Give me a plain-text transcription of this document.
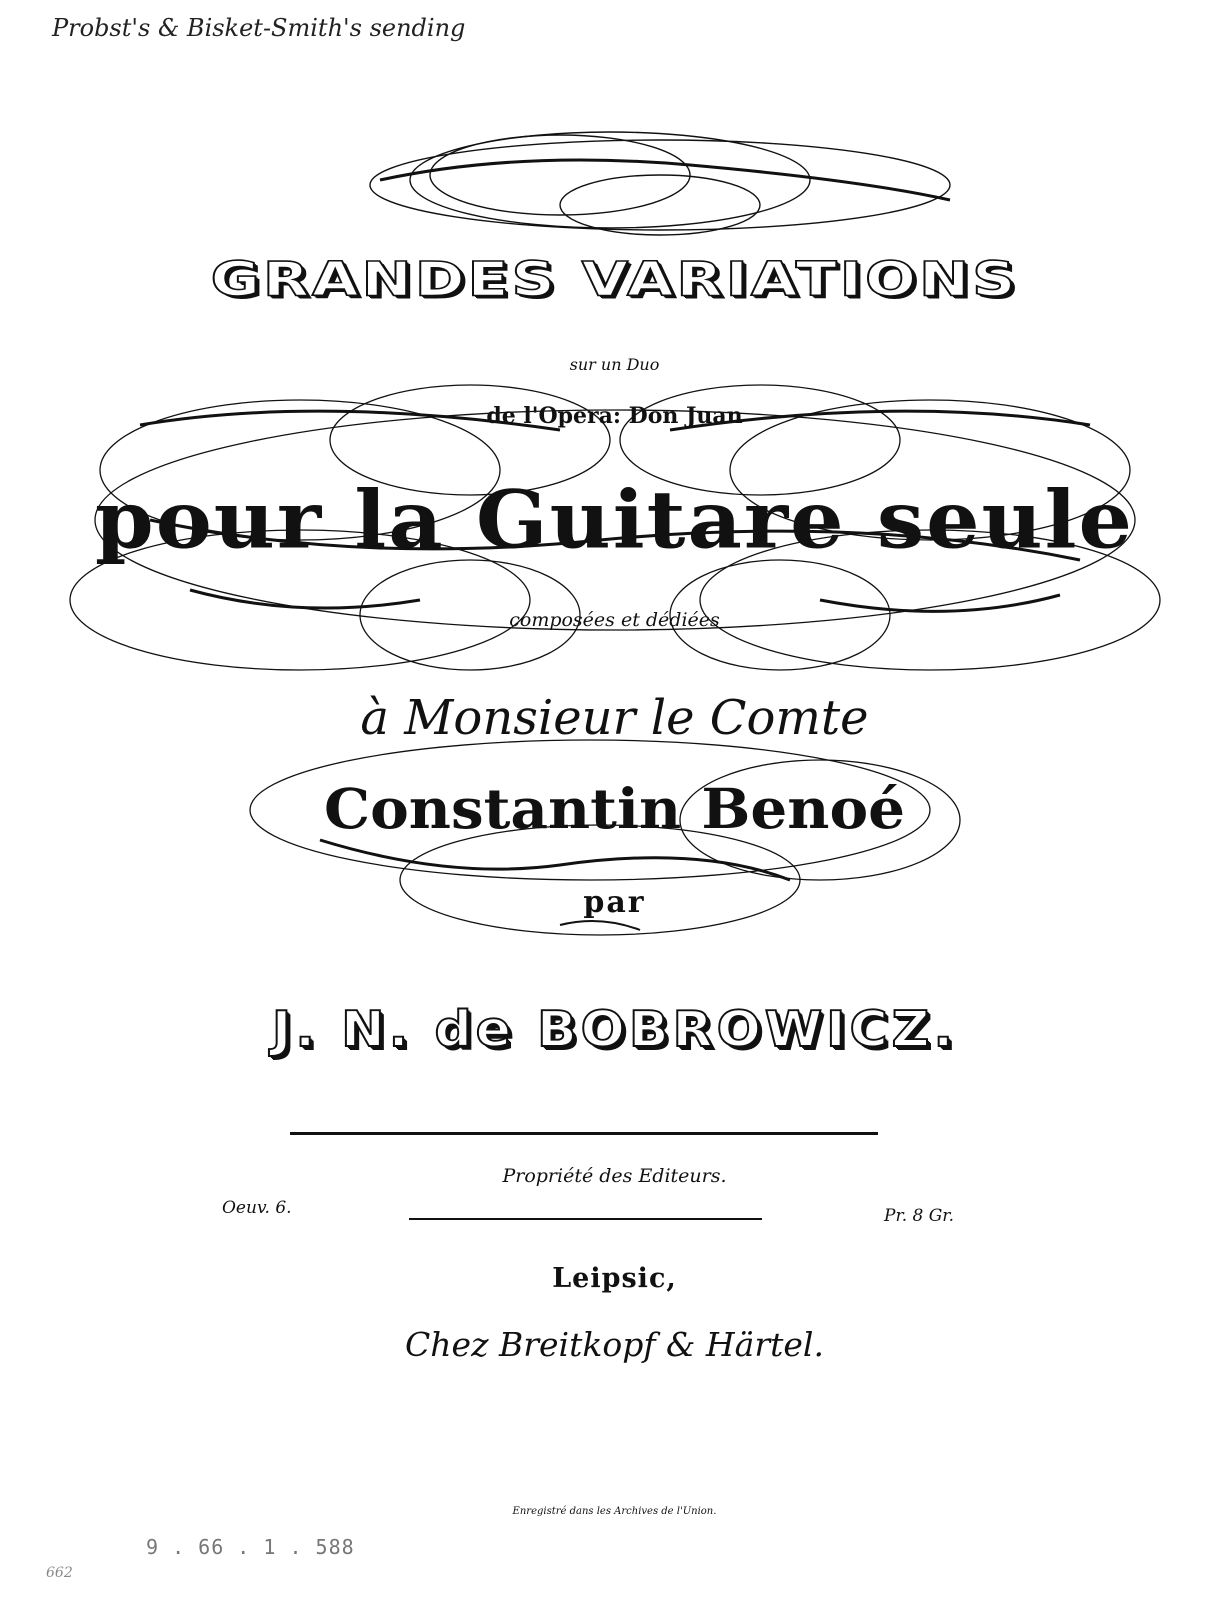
Probst's & Bisket-Smith's sending
GRANDES VARIATIONS
sur un Duo
de l'Opera: Don Juan
pour la Guitare seule
composées et dédiées
à Monsieur le Comte
Constantin Benoé
par
J. N. de BOBROWICZ.
Propriété des Editeurs.
Oeuv. 6.	Pr. 8 Gr.
Leipsic,
Chez Breitkopf & Härtel.
Enregistré dans les Archives de l'Union.
9 . 66 . 1 . 588
662
